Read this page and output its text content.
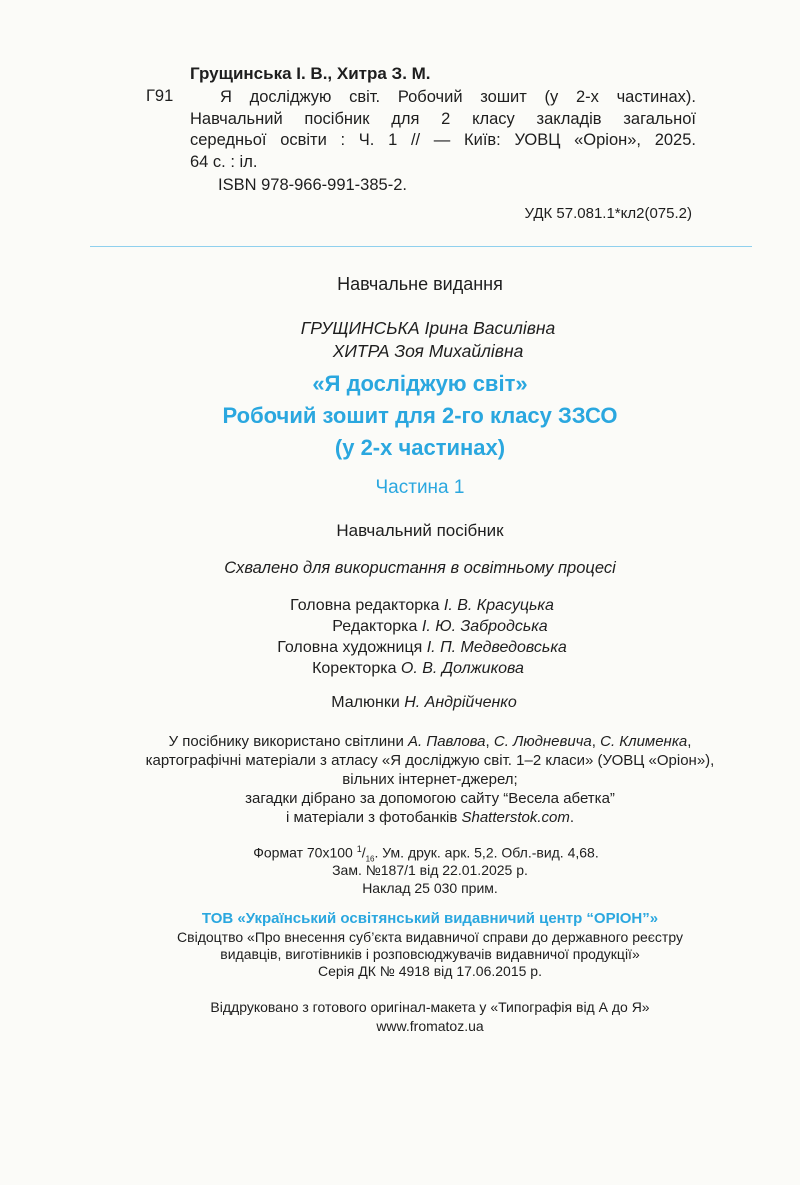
Грущинська І. В., Хитра З. М.
Г91	Я досліджую світ. Робочий зошит (у 2-х частинах).
Навчальний посібник для 2 класу закладів загальної
середньої освіти : Ч. 1 // — Київ: УОВЦ «Оріон», 2025.
64 с. : іл.
ISBN 978-966-991-385-2.
УДК 57.081.1*кл2(075.2)
Навчальне видання
ГРУЩИНСЬКА Ірина Василівна
ХИТРА Зоя Михайлівна
«Я досліджую світ»
Робочий зошит для 2-го класу ЗЗСО
(у 2-х частинах)
Частина 1
Навчальний посібник
Схвалено для використання в освітньому процесі
Головна редакторка І. В. Красуцька
Редакторка І. Ю. Забродська
Головна художниця І. П. Медведовська
Коректорка О. В. Должикова
Малюнки Н. Андрійченко
У посібнику використано світлини А. Павлова, С. Людневича, С. Клименка,
картографічні матеріали з атласу «Я досліджую світ. 1–2 класи» (УОВЦ «Оріон»),
вільних інтернет-джерел;
загадки дібрано за допомогою сайту “Весела абетка”
і матеріали з фотобанків Shatterstok.com.
Формат 70x100 $^1/_{16}$. Ум. друк. арк. 5,2. Обл.-вид. 4,68.
Зам. №187/1 від 22.01.2025 р.
Наклад 25 030 прим.
ТОВ «Український освітянський видавничий центр “ОРІОН”»
Свідоцтво «Про внесення суб’єкта видавничої справи до державного реєстру
видавців, виготівників і розповсюджувачів видавничої продукції»
Серія ДК № 4918 від 17.06.2015 р.
Віддруковано з готового оригінал-макета у «Типографія від А до Я»
www.fromatoz.ua
